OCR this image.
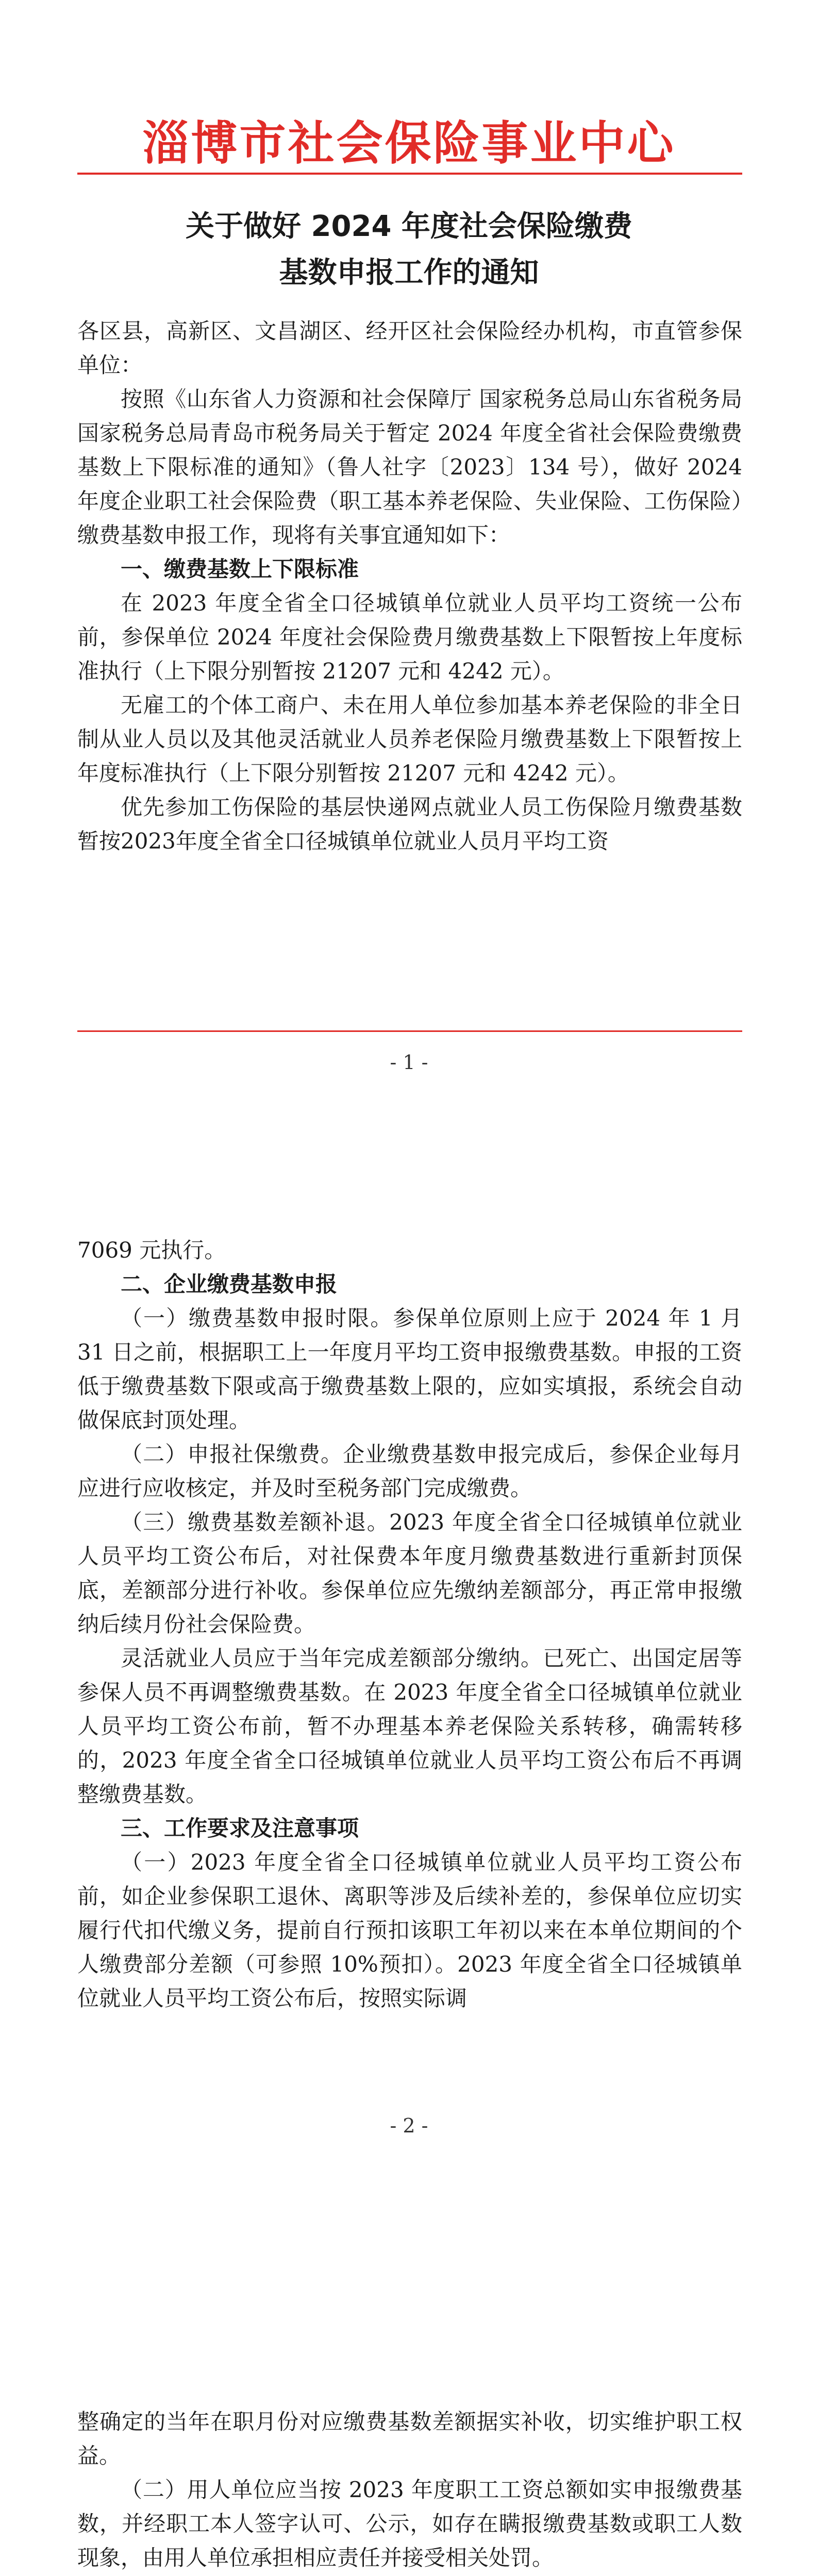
淄博市社会保险事业中心
关于做好 2024 年度社会保险缴费
基数申报工作的通知

各区县，高新区、文昌湖区、经开区社会保险经办机构，市直管参保单位：

按照《山东省人力资源和社会保障厅 国家税务总局山东省税务局 国家税务总局青岛市税务局关于暂定 2024 年度全省社会保险费缴费基数上下限标准的通知》（鲁人社字〔2023〕134 号），做好 2024 年度企业职工社会保险费（职工基本养老保险、失业保险、工伤保险）缴费基数申报工作，现将有关事宜通知如下：

一、缴费基数上下限标准

在 2023 年度全省全口径城镇单位就业人员平均工资统一公布前，参保单位 2024 年度社会保险费月缴费基数上下限暂按上年度标准执行（上下限分别暂按 21207 元和 4242 元）。

无雇工的个体工商户、未在用人单位参加基本养老保险的非全日制从业人员以及其他灵活就业人员养老保险月缴费基数上下限暂按上年度标准执行（上下限分别暂按 21207 元和 4242 元）。

优先参加工伤保险的基层快递网点就业人员工伤保险月缴费基数暂按2023年度全省全口径城镇单位就业人员月平均工资

- 1 -

7069 元执行。

二、企业缴费基数申报

（一）缴费基数申报时限。参保单位原则上应于 2024 年 1 月 31 日之前，根据职工上一年度月平均工资申报缴费基数。申报的工资低于缴费基数下限或高于缴费基数上限的，应如实填报，系统会自动做保底封顶处理。

（二）申报社保缴费。企业缴费基数申报完成后，参保企业每月应进行应收核定，并及时至税务部门完成缴费。

（三）缴费基数差额补退。2023 年度全省全口径城镇单位就业人员平均工资公布后，对社保费本年度月缴费基数进行重新封顶保底，差额部分进行补收。参保单位应先缴纳差额部分，再正常申报缴纳后续月份社会保险费。

灵活就业人员应于当年完成差额部分缴纳。已死亡、出国定居等参保人员不再调整缴费基数。在 2023 年度全省全口径城镇单位就业人员平均工资公布前，暂不办理基本养老保险关系转移，确需转移的，2023 年度全省全口径城镇单位就业人员平均工资公布后不再调整缴费基数。

三、工作要求及注意事项

（一）2023 年度全省全口径城镇单位就业人员平均工资公布前，如企业参保职工退休、离职等涉及后续补差的，参保单位应切实履行代扣代缴义务，提前自行预扣该职工年初以来在本单位期间的个人缴费部分差额（可参照 10%预扣）。2023 年度全省全口径城镇单位就业人员平均工资公布后，按照实际调

- 2 -

整确定的当年在职月份对应缴费基数差额据实补收，切实维护职工权益。

（二）用人单位应当按 2023 年度职工工资总额如实申报缴费基数，并经职工本人签字认可、公示，如存在瞒报缴费基数或职工人数现象，由用人单位承担相应责任并接受相关处罚。
